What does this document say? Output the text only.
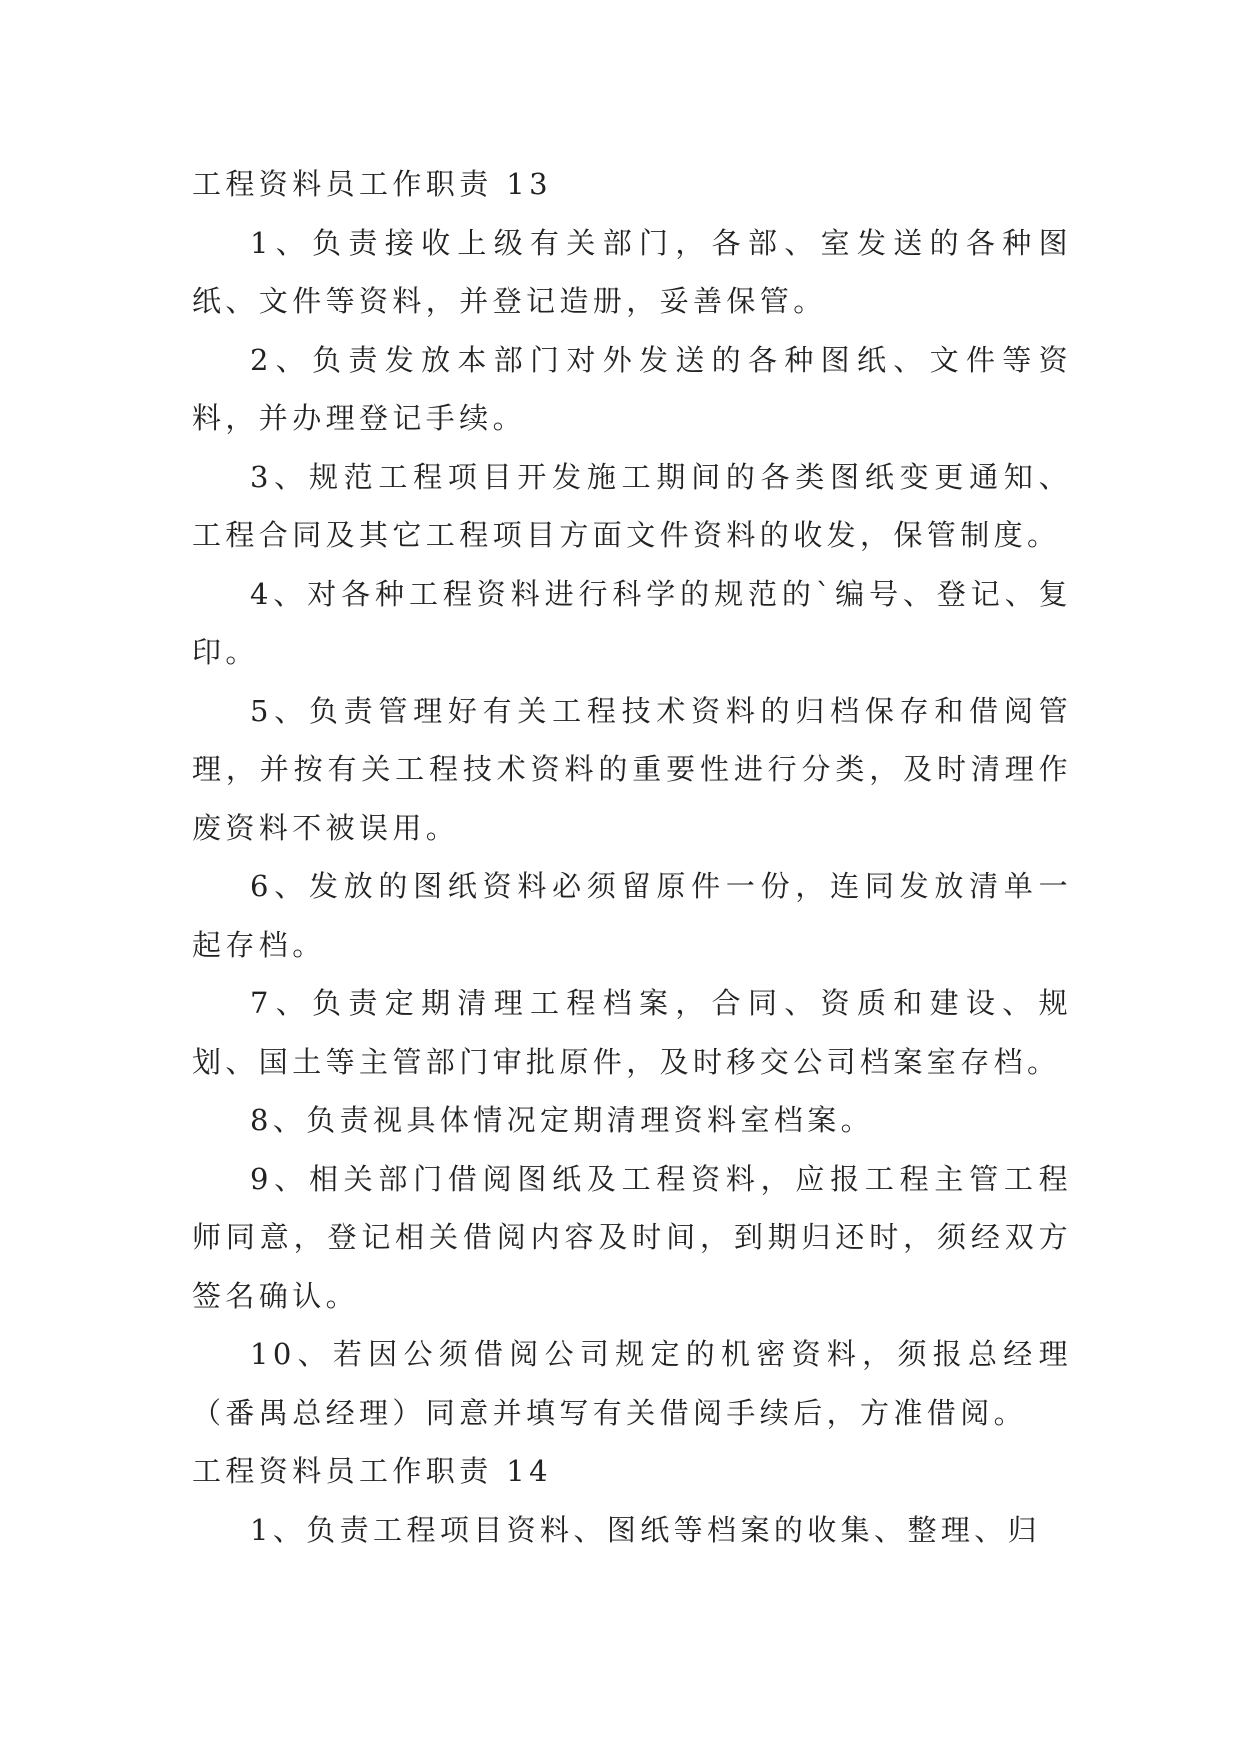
工程资料员工作职责 13

1、负责接收上级有关部门，各部、室发送的各种图纸、文件等资料，并登记造册，妥善保管。

2、负责发放本部门对外发送的各种图纸、文件等资料，并办理登记手续。

3、规范工程项目开发施工期间的各类图纸变更通知、工程合同及其它工程项目方面文件资料的收发，保管制度。

4、对各种工程资料进行科学的规范的`编号、登记、复印。

5、负责管理好有关工程技术资料的归档保存和借阅管理，并按有关工程技术资料的重要性进行分类，及时清理作废资料不被误用。

6、发放的图纸资料必须留原件一份，连同发放清单一起存档。

7、负责定期清理工程档案，合同、资质和建设、规划、国土等主管部门审批原件，及时移交公司档案室存档。

8、负责视具体情况定期清理资料室档案。

9、相关部门借阅图纸及工程资料，应报工程主管工程师同意，登记相关借阅内容及时间，到期归还时，须经双方签名确认。

10、若因公须借阅公司规定的机密资料，须报总经理（番禺总经理）同意并填写有关借阅手续后，方准借阅。

工程资料员工作职责 14

1、负责工程项目资料、图纸等档案的收集、整理、归
